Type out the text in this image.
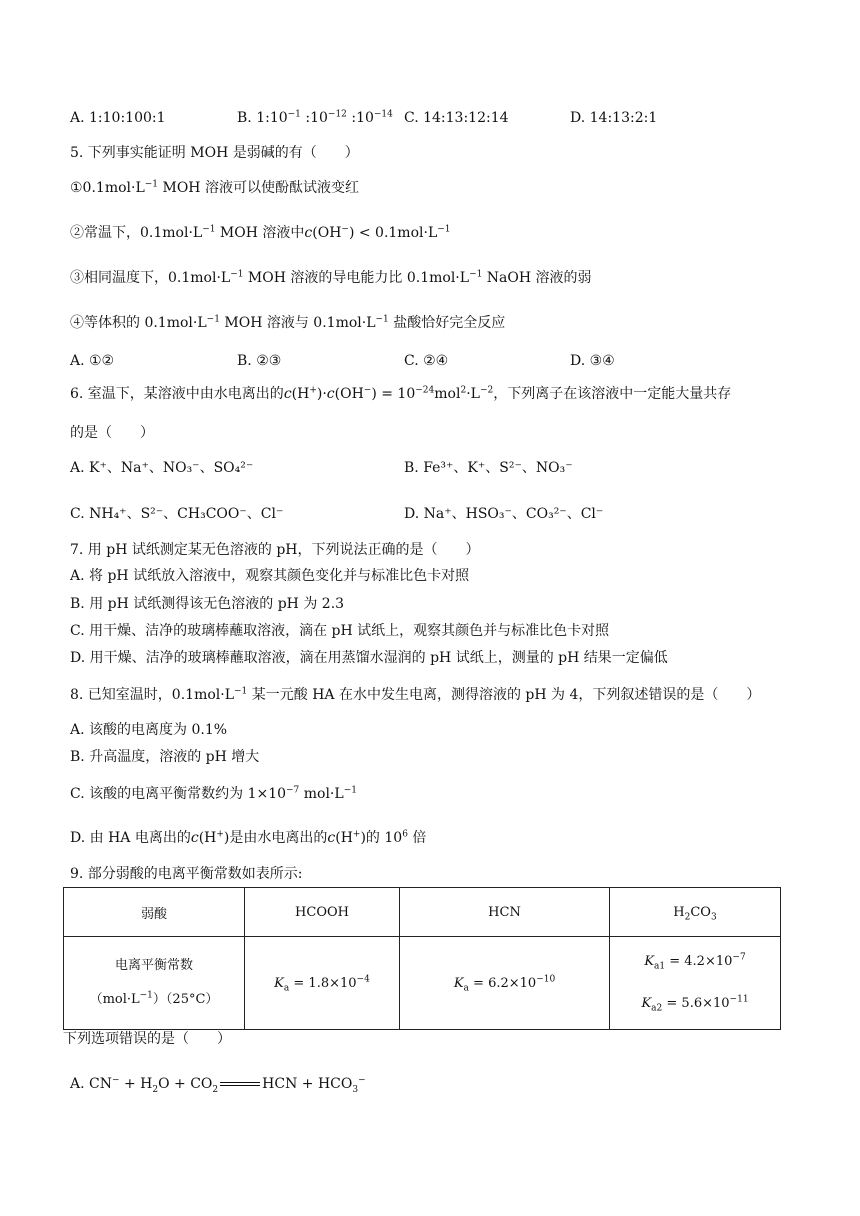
A. 1:10:100:1	B. $1:10^{-1}$ $:10^{-12}$ $:10^{-14}$ C. 14:13:12:14	D. 14:13:2:1
5. 下列事实能证明 MOH 是弱碱的有（　　）
$①0.1mol\cdot L^{-1}$ MOH 溶液可以使酚酞试液变红
②常温下，$0.1mol\cdot L^{-1}$ MOH 溶液中$c(OH^-) < 0.1mol\cdot L^{-1}$
③相同温度下，$0.1mol\cdot L^{-1}$ MOH 溶液的导电能力比 $0.1mol\cdot L^{-1}$ NaOH 溶液的弱
④等体积的 $0.1mol\cdot L^{-1}$ MOH 溶液与 $0.1mol\cdot L^{-1}$ 盐酸恰好完全反应
A. ①②	B. ②③	C. ②④	D. ③④
6. 室温下，某溶液中由水电离出的$c(H^+)\cdot c(OH^-) = 10^{-24}mol^2\cdot L^{-2}$，下列离子在该溶液中一定能大量共存
的是（　　）
A. K⁺、Na⁺、NO₃⁻、SO₄²⁻	B. Fe³⁺、K⁺、S²⁻、NO₃⁻
C. NH₄⁺、S²⁻、CH₃COO⁻、Cl⁻	D. Na⁺、HSO₃⁻、CO₃²⁻、Cl⁻
7. 用 pH 试纸测定某无色溶液的 pH，下列说法正确的是（　　）
A. 将 pH 试纸放入溶液中，观察其颜色变化并与标准比色卡对照
B. 用 pH 试纸测得该无色溶液的 pH 为 2.3
C. 用干燥、洁净的玻璃棒蘸取溶液，滴在 pH 试纸上，观察其颜色并与标准比色卡对照
D. 用干燥、洁净的玻璃棒蘸取溶液，滴在用蒸馏水湿润的 pH 试纸上，测量的 pH 结果一定偏低
8. 已知室温时，$0.1mol\cdot L^{-1}$ 某一元酸 HA 在水中发生电离，测得溶液的 pH 为 4，下列叙述错误的是（　　）
A. 该酸的电离度为 0.1%
B. 升高温度，溶液的 pH 增大
C. 该酸的电离平衡常数约为 $1\times 10^{-7}$ $mol\cdot L^{-1}$
D. 由 HA 电离出的c(H+)是由水电离出的c(H+)的 $10^6$ 倍
9. 部分弱酸的电离平衡常数如表所示:
弱酸	HCOOH	HCN	$H_2CO_3$

电离平衡常数
$(mol\cdot L^{-1})(25^\circ C)$	$K_a = 1.8\times 10^{-4}$	$K_a = 6.2\times 10^{-10}$	$K_{a1} = 4.2\times 10^{-7}$
$K_{a2} = 5.6\times 10^{-11}$
下列选项错误的是（　　）
A. $CN^- + H_2O + CO_2$	HCN + $HCO_3^-$
